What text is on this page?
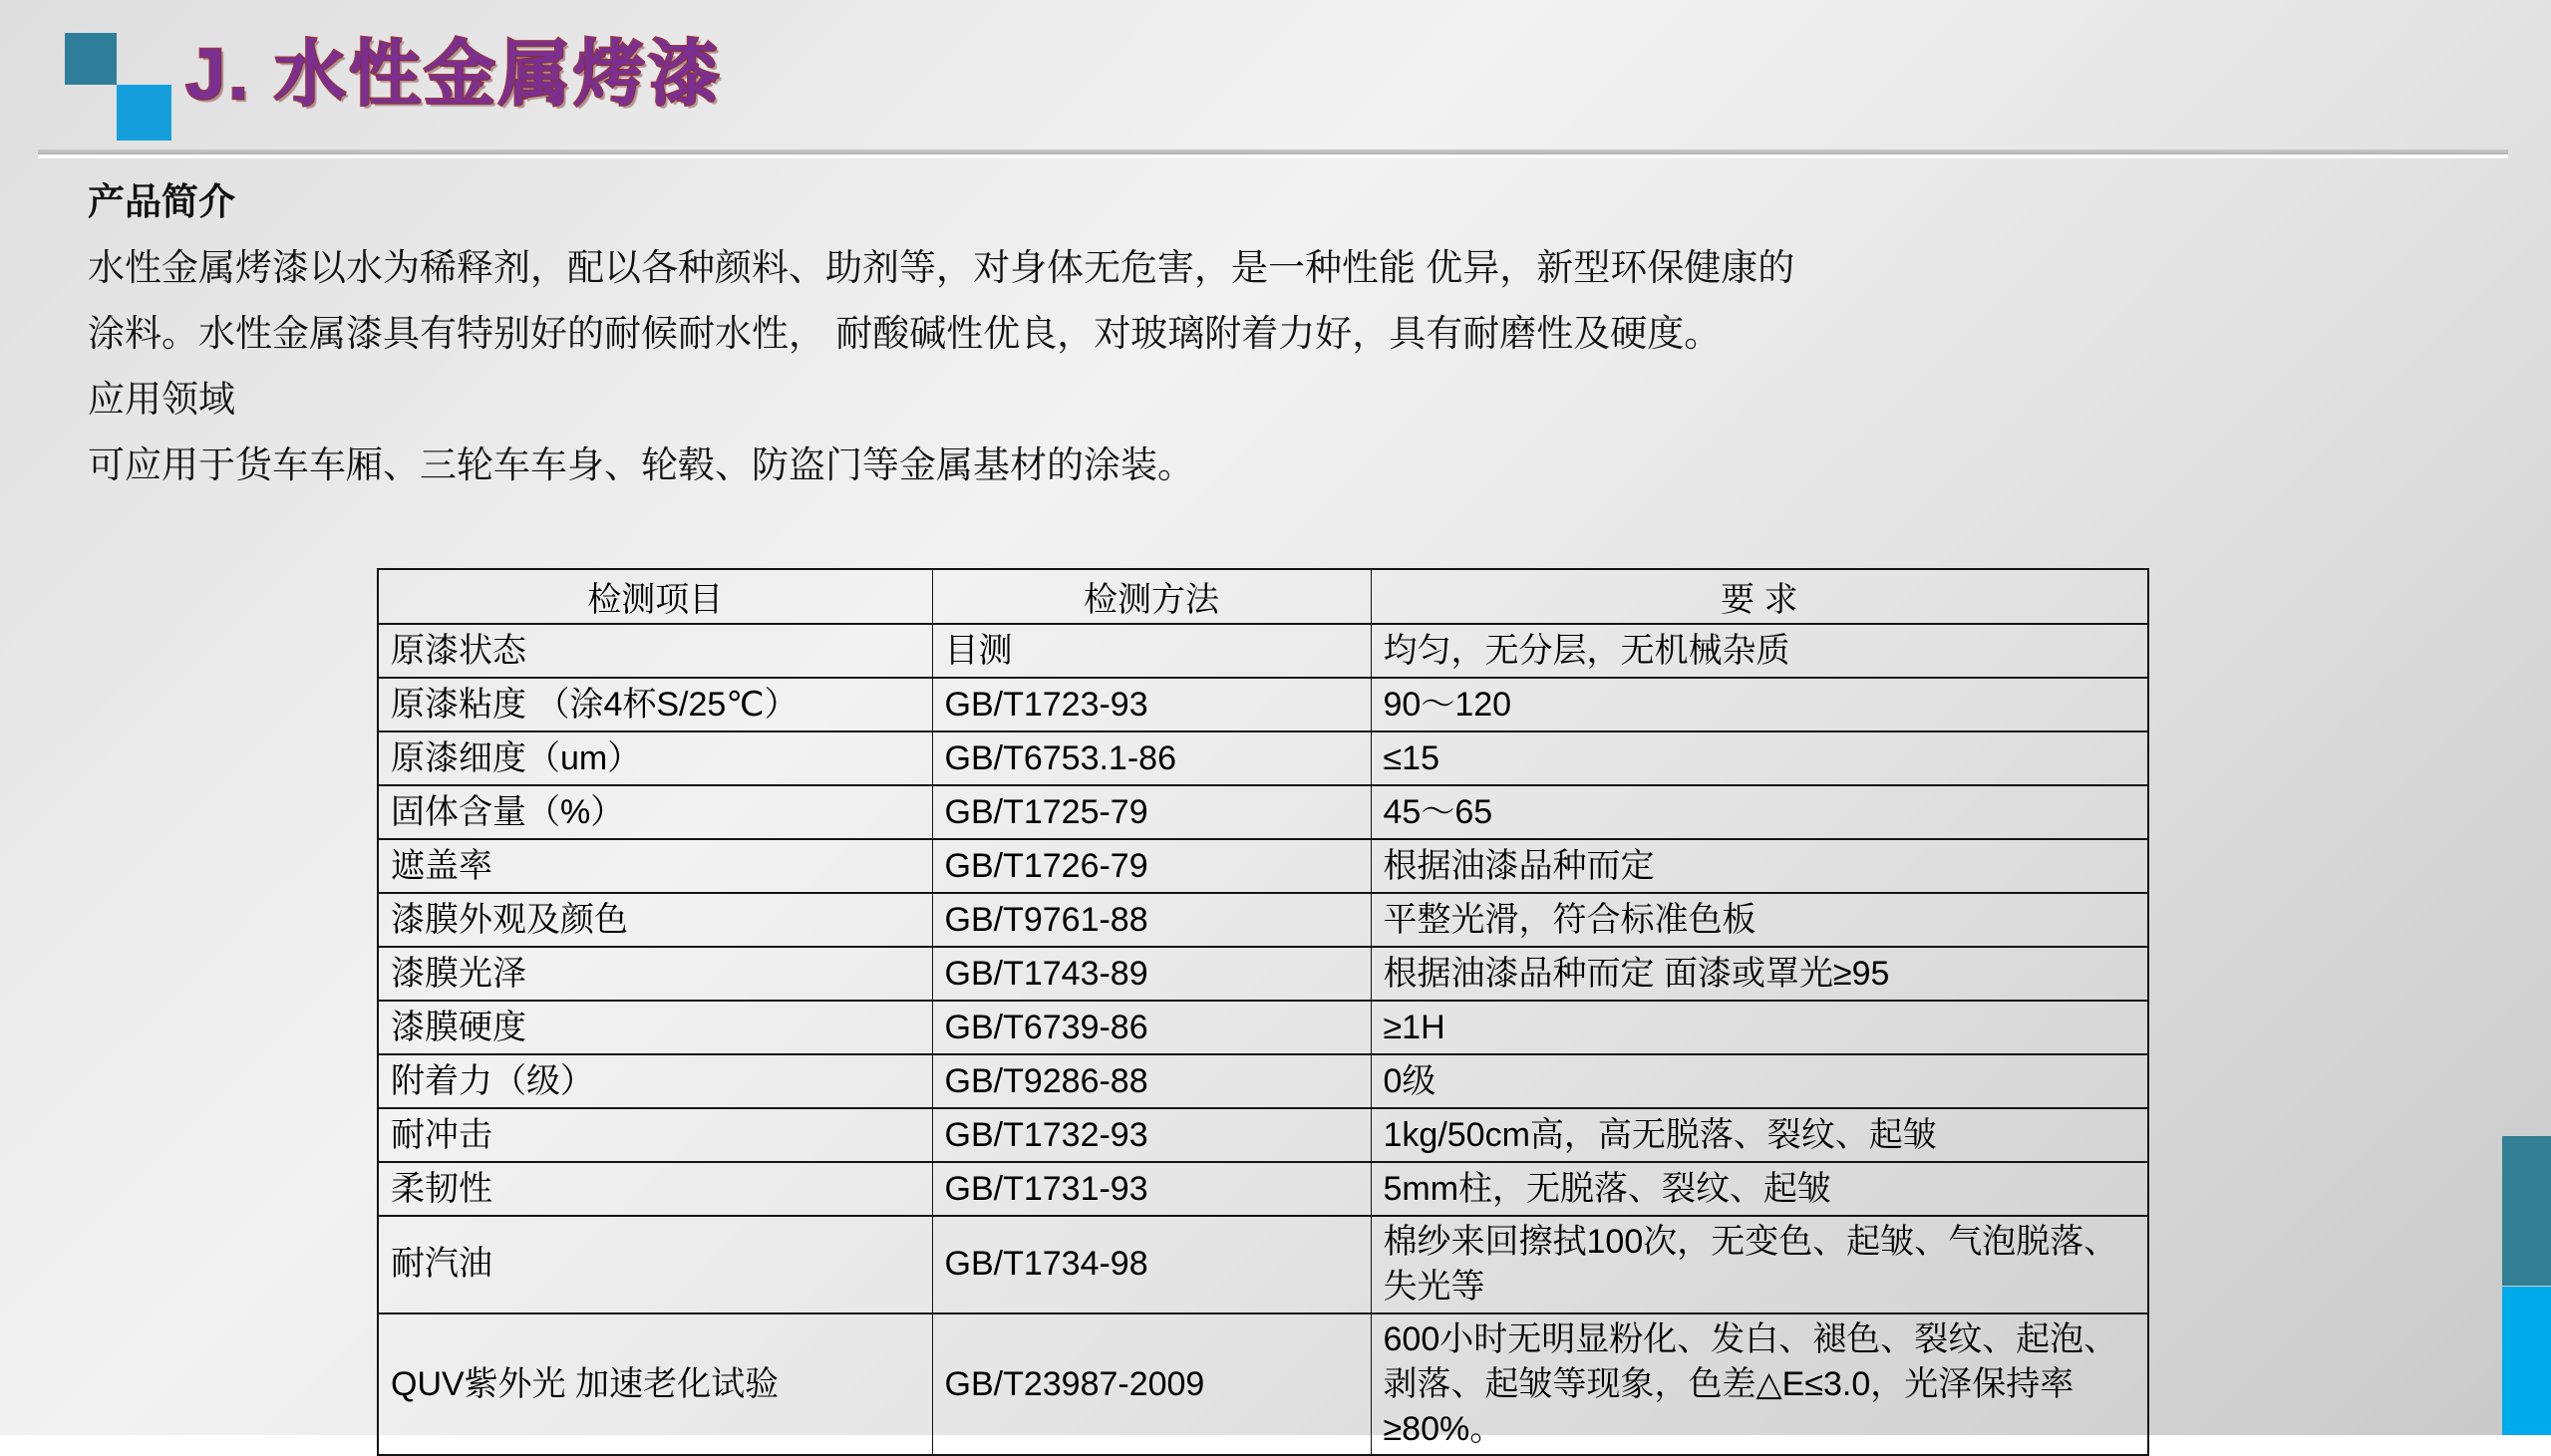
J. 水性金属烤漆
产品简介
水性金属烤漆以水为稀释剂，配以各种颜料、助剂等，对身体无危害，是一种性能 优异，新型环保健康的
涂料。水性金属漆具有特别好的耐候耐水性， 耐酸碱性优良，对玻璃附着力好，具有耐磨性及硬度。
应用领域
可应用于货车车厢、三轮车车身、轮毂、防盗门等金属基材的涂装。
检测项目	检测方法	要 求
原漆状态	目测	均匀，无分层，无机械杂质
原漆粘度 （涂4杯S/25℃）	GB/T1723-93	90～120
原漆细度（um）	GB/T6753.1-86	≤15
固体含量（%）	GB/T1725-79	45～65
遮盖率	GB/T1726-79	根据油漆品种而定
漆膜外观及颜色	GB/T9761-88	平整光滑，符合标准色板
漆膜光泽	GB/T1743-89	根据油漆品种而定 面漆或罩光≥95
漆膜硬度	GB/T6739-86	≥1H
附着力（级）	GB/T9286-88	0级
耐冲击	GB/T1732-93	1kg/50cm高，高无脱落、裂纹、起皱
柔韧性	GB/T1731-93	5mm柱，无脱落、裂纹、起皱
耐汽油	GB/T1734-98	棉纱来回擦拭100次，无变色、起皱、气泡脱落、失光等
QUV紫外光 加速老化试验	GB/T23987-2009	600小时无明显粉化、发白、褪色、裂纹、起泡、剥落、起皱等现象，色差△E≤3.0，光泽保持率≥80%。
